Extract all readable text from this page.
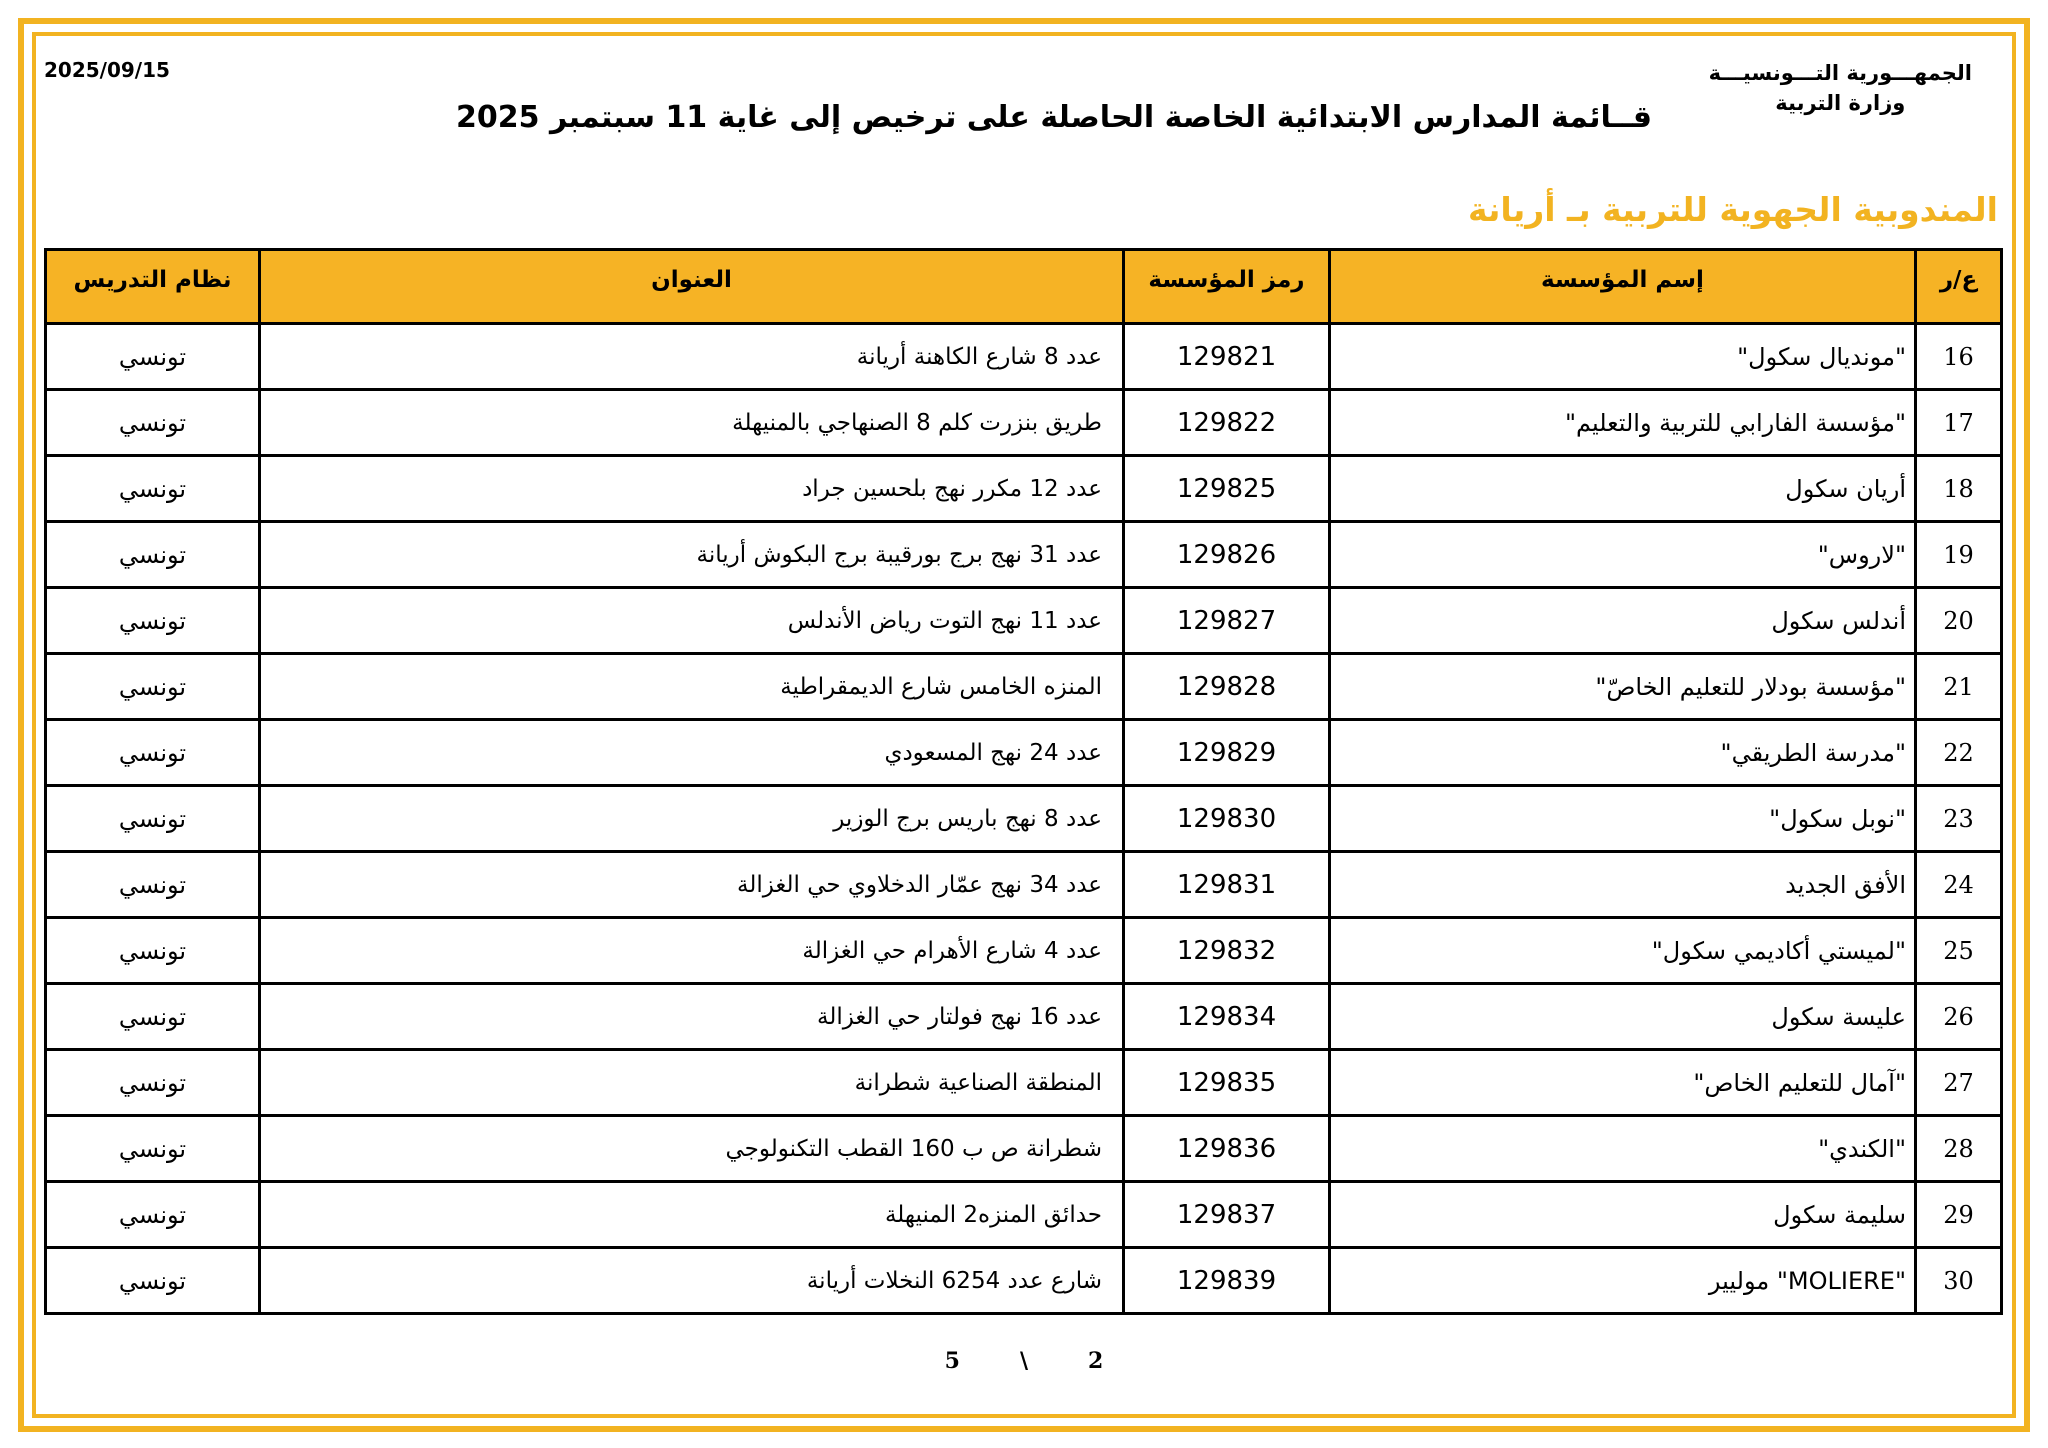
2025/09/15	الجمهـــورية التـــونسيـــة
وزارة التربية
قــائمة المدارس الابتدائية الخاصة الحاصلة على ترخيص إلى غاية 11 سبتمبر 2025
المندوبية الجهوية للتربية بـ أريانة
ع/ر	إسم المؤسسة	رمز المؤسسة	العنوان	نظام التدريس
16	"مونديال سكول"	129821	عدد 8 شارع الكاهنة أريانة	تونسي
17	"مؤسسة الفارابي للتربية والتعليم"	129822	طريق بنزرت كلم 8 الصنهاجي بالمنيهلة	تونسي
18	أريان سكول	129825	عدد 12 مكرر نهج بلحسين جراد	تونسي
19	"لاروس"	129826	عدد 31 نهج برج بورقيبة برج البكوش أريانة	تونسي
20	أندلس سكول	129827	عدد 11 نهج التوت رياض الأندلس	تونسي
21	"مؤسسة بودلار للتعليم الخاصّ"	129828	المنزه الخامس شارع الديمقراطية	تونسي
22	"مدرسة الطريقي"	129829	عدد 24 نهج المسعودي	تونسي
23	"نوبل سكول"	129830	عدد 8 نهج باريس برج الوزير	تونسي
24	الأفق الجديد	129831	عدد 34 نهج عمّار الدخلاوي حي الغزالة	تونسي
25	"لميستي أكاديمي سكول"	129832	عدد 4 شارع الأهرام حي الغزالة	تونسي
26	عليسة سكول	129834	عدد 16 نهج فولتار حي الغزالة	تونسي
27	"آمال للتعليم الخاص"	129835	المنطقة الصناعية شطرانة	تونسي
28	"الكندي"	129836	شطرانة ص ب 160 القطب التكنولوجي	تونسي
29	سليمة سكول	129837	حدائق المنزه2 المنيهلة	تونسي
30	"MOLIERE" موليير	129839	شارع عدد 6254 النخلات أريانة	تونسي
2\5
